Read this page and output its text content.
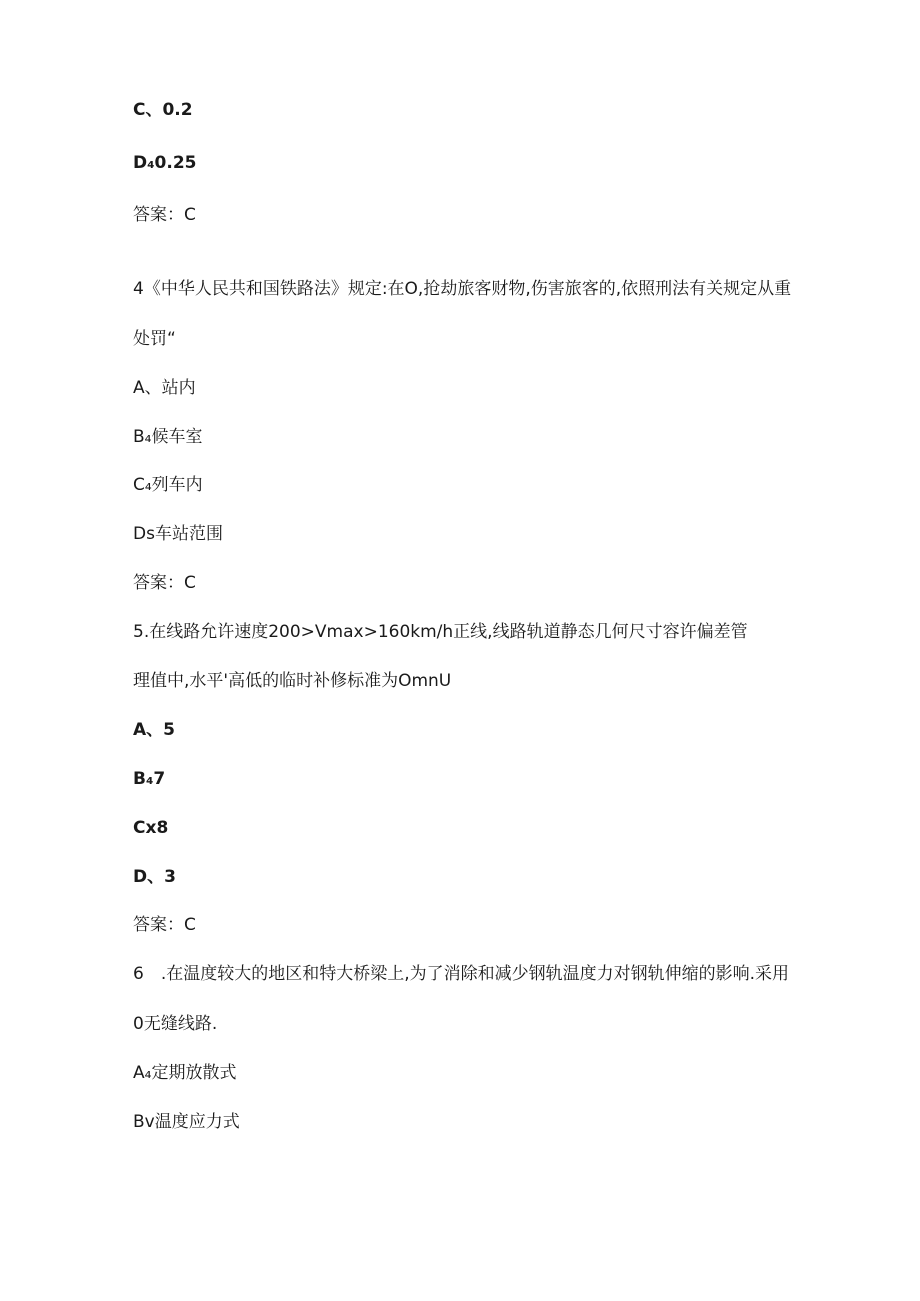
C、0.2
D₄0.25
答案：C
4《中华人民共和国铁路法》规定:在O,抢劫旅客财物,伤害旅客的,依照刑法有关规定从重
处罚“
A、站内
B₄候车室
C₄列车内
Ds车站范围
答案：C
5.在线路允许速度200>Vmax>160km/h正线,线路轨道静态几何尺寸容许偏差管
理值中,水平'高低的临时补修标准为OmnU
A、5
B₄7
Cx8
D、3
答案：C
6　.在温度较大的地区和特大桥梁上,为了消除和减少钢轨温度力对钢轨伸缩的影响.采用
0无缝线路.
A₄定期放散式
Bv温度应力式
